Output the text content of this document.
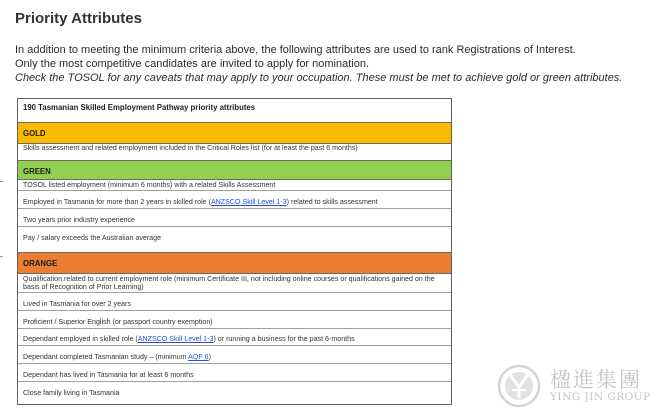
Priority Attributes

In addition to meeting the minimum criteria above, the following attributes are used to rank Registrations of Interest.

Only the most competitive candidates are invited to apply for nomination.

Check the TOSOL for any caveats that may apply to your occupation. These must be met to achieve gold or green attributes.

190 Tasmanian Skilled Employment Pathway priority attributes
GOLD
Skills assessment and related employment included in the Critical Roles list (for at least the past 6 months)
GREEN
TOSOL listed employment (minimum 6 months) with a related Skills Assessment
Employed in Tasmania for more than 2 years in skilled role (ANZSCO Skill Level 1-3) related to skills assessment
Two years prior industry experience
Pay / salary exceeds the Australian average
ORANGE
Qualification related to current employment role (minimum Certificate III, not including online courses or qualifications gained on the basis of Recognition of Prior Learning)
Lived in Tasmania for over 2 years
Proficient / Superior English (or passport country exemption)
Dependant employed in skilled role (ANZSCO Skill Level 1-3) or running a business for the past 6-months
Dependant completed Tasmanian study – (minimum AQF 6)
Dependant has lived in Tasmania for at least 6 months
Close family living in Tasmania
楹進集團
YING JIN GROUP
